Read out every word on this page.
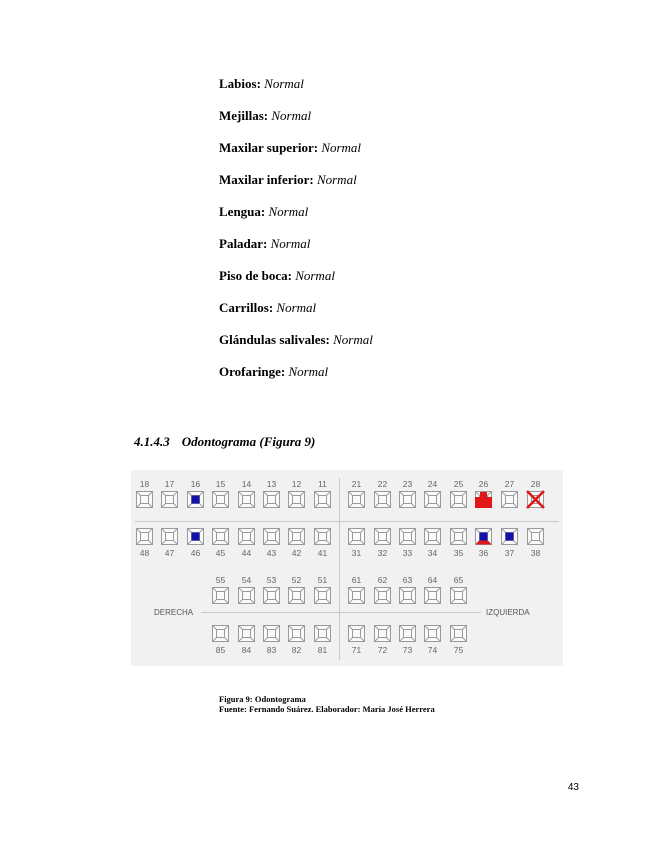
Labios: Normal
Mejillas: Normal
Maxilar superior: Normal
Maxilar inferior: Normal
Lengua: Normal
Paladar: Normal
Piso de boca: Normal
Carrillos: Normal
Glándulas salivales: Normal
Orofaringe: Normal
4.1.4.3 Odontograma (Figura 9)
18 17 16 15 14 13 12 11	21 22 23 24 25 26 27 28
48 47 46 45 44 43 42 41	31 32 33 34 35 36 37 38
55 54 53 52 51	61 62 63 64 65
85 84 83 82 81	71 72 73 74 75
DERECHA	IZQUIERDA
Figura 9: Odontograma
Fuente: Fernando Suárez. Elaborador: María José Herrera
43
